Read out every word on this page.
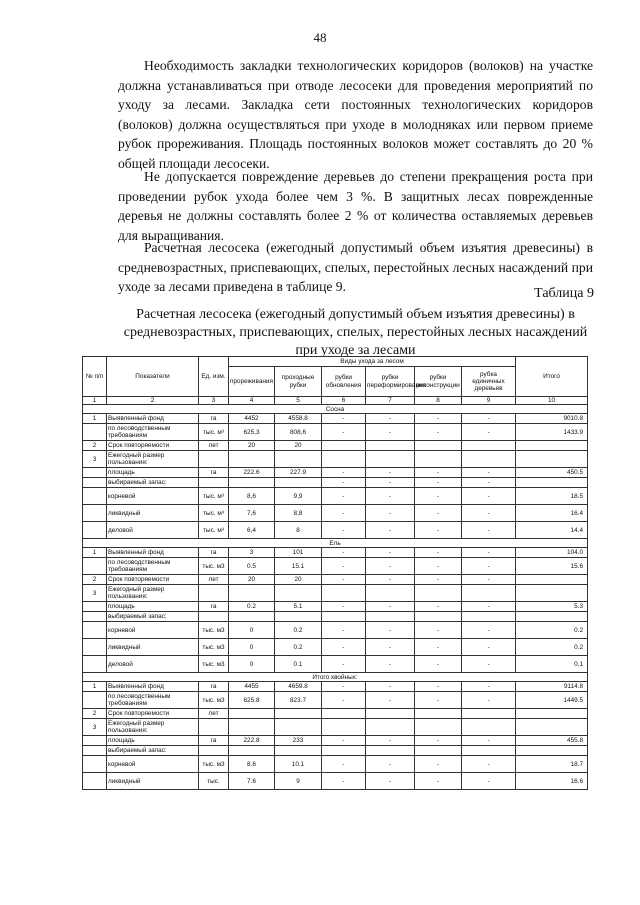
48

Необходимость закладки технологических коридоров (волоков) на участке должна устанавливаться при отводе лесосеки для проведения мероприятий по уходу за лесами. Закладка сети постоянных технологических коридоров (волоков) должна осуществляться при уходе в молодняках или первом приеме рубок прореживания. Площадь постоянных волоков может составлять до 20 % общей площади лесосеки.

Не допускается повреждение деревьев до степени прекращения роста при проведении рубок ухода более чем 3 %. В защитных лесах поврежденные деревья не должны составлять более 2 % от количества оставляемых деревьев для выращивания.

Расчетная лесосека (ежегодный допустимый объем изъятия древесины) в средневозрастных, приспевающих, спелых, перестойных лесных насаждений при уходе за лесами приведена в таблице 9.	Таблица 9

Расчетная лесосека (ежегодный допустимый объем изъятия древесины) в средневозрастных, приспевающих, спелых, перестойных лесных насаждений при уходе за лесами

№ п/п	Показатели	Ед. изм.	Виды ухода за лесом						Итого
			прореживания	проходные рубки	рубки обновления	рубки переформирования	рубки реконструкции	рубка единичных деревьев	
1	2	3	4	5	6	7	8	9	10
Сосна									
1	Выявленный фонд	га	4452	4558.8	-	-	-	-	9010.8
	по лесоводственным требованиям	тыс. м³	625,3	808,6	-	-	-	-	1433.9
2	Срок повторяемости	лет	20	20					
3	Ежегодный размер пользования:								
	площадь	га	222.6	227.9	-	-	-	-	450.5
	выбираемый запас:				-	-	-	-	
	корневой	тыс. м³	8,6	9,9	-	-	-	-	18.5
	ликвидный	тыс. м³	7,6	8,8	-	-	-	-	16.4
	деловой	тыс. м³	6,4	8	-	-	-	-	14.4
Ель									
1	Выявленный фонд	га	3	101	-	-	-	-	104.0
	по лесоводственным требованиям	тыс. м3	0.5	15.1	-	-	-	-	15.6
2	Срок повторяемости	лет	20	20	-	-	-	-	
3	Ежегодный размер пользования:								
	площадь	га	0.2	5.1	-	-	-	-	5.3
	выбираемый запас:								
	корневой	тыс. м3	0	0.2	-	-	-	-	0.2
	ликвидный	тыс. м3	0	0.2	-	-	-	-	0.2
	деловой	тыс. м3	0	0.1	-	-	-	-	0.1
Итого хвойных:									
1	Выявленный фонд	га	4455	4659.8	-	-	-	-	9114.8
	по лесоводственным требованиям	тыс. м3	625.8	823.7	-	-	-	-	1449.5
2	Срок повторяемости	лет							
3	Ежегодный размер пользования:								
	площадь	га	222.8	233	-	-	-	-	455.8
	выбираемый запас:								
	корневой	тыс. м3	8.6	10.1	-	-	-	-	18.7
	ликвидный	тыс.	7.6	9	-	-	-	-	16.6
